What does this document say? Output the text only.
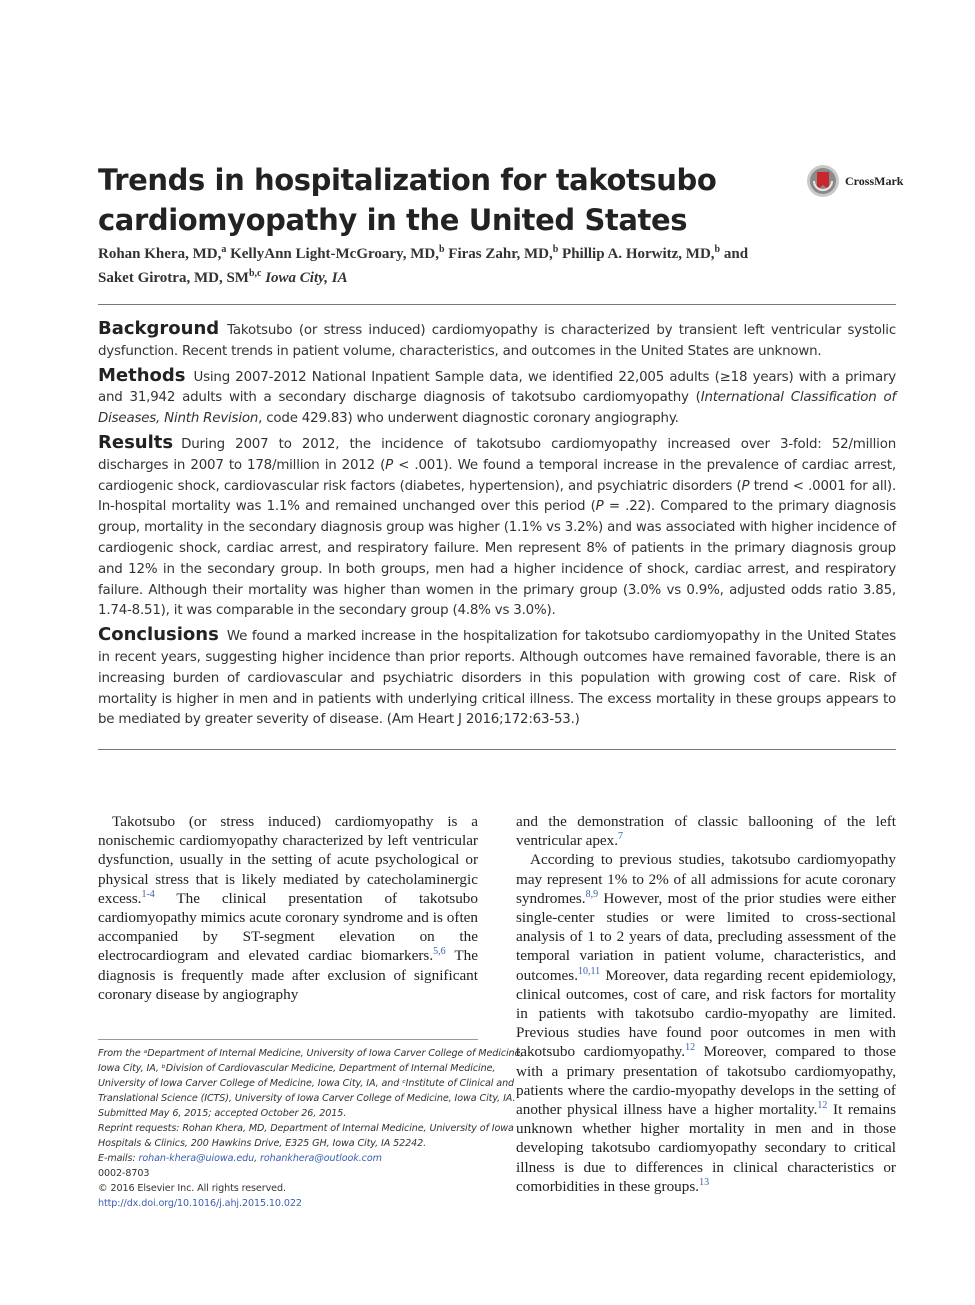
Trends in hospitalization for takotsubo cardiomyopathy in the United States
CrossMark
Rohan Khera, MD,$^a$ KellyAnn Light-McGroary, MD,$^b$ Firas Zahr, MD,$^b$ Phillip A. Horwitz, MD,$^b$ and
Saket Girotra, MD, SM$^{b,c}$ Iowa City, IA

Background Takotsubo (or stress induced) cardiomyopathy is characterized by transient left ventricular systolic dysfunction. Recent trends in patient volume, characteristics, and outcomes in the United States are unknown.

Methods Using 2007-2012 National Inpatient Sample data, we identified 22,005 adults (≥18 years) with a primary and 31,942 adults with a secondary discharge diagnosis of takotsubo cardiomyopathy (International Classification of Diseases, Ninth Revision, code 429.83) who underwent diagnostic coronary angiography.

Results During 2007 to 2012, the incidence of takotsubo cardiomyopathy increased over 3-fold: 52/million discharges in 2007 to 178/million in 2012 (P < .001). We found a temporal increase in the prevalence of cardiac arrest, cardiogenic shock, cardiovascular risk factors (diabetes, hypertension), and psychiatric disorders (P trend < .0001 for all). In-hospital mortality was 1.1% and remained unchanged over this period (P = .22). Compared to the primary diagnosis group, mortality in the secondary diagnosis group was higher (1.1% vs 3.2%) and was associated with higher incidence of cardiogenic shock, cardiac arrest, and respiratory failure. Men represent 8% of patients in the primary diagnosis group and 12% in the secondary group. In both groups, men had a higher incidence of shock, cardiac arrest, and respiratory failure. Although their mortality was higher than women in the primary group (3.0% vs 0.9%, adjusted odds ratio 3.85, 1.74-8.51), it was comparable in the secondary group (4.8% vs 3.0%).

Conclusions We found a marked increase in the hospitalization for takotsubo cardiomyopathy in the United States in recent years, suggesting higher incidence than prior reports. Although outcomes have remained favorable, there is an increasing burden of cardiovascular and psychiatric disorders in this population with growing cost of care. Risk of mortality is higher in men and in patients with underlying critical illness. The excess mortality in these groups appears to be mediated by greater severity of disease. (Am Heart J 2016;172:63-53.)

Takotsubo (or stress induced) cardiomyopathy is a nonischemic cardiomyopathy characterized by left ventricular dysfunction, usually in the setting of acute psychological or physical stress that is likely mediated by catecholaminergic excess.$^{1-4}$ The clinical presentation of takotsubo cardiomyopathy mimics acute coronary syndrome and is often accompanied by ST-segment elevation on the electrocardiogram and elevated cardiac biomarkers.$^{5,6}$ The diagnosis is frequently made after exclusion of significant coronary disease by angiography

and the demonstration of classic ballooning of the left ventricular apex.$^7$

According to previous studies, takotsubo cardiomyopathy may represent 1% to 2% of all admissions for acute coronary syndromes.$^{8,9}$ However, most of the prior studies were either single-center studies or were limited to cross-sectional analysis of 1 to 2 years of data, precluding assessment of the temporal variation in patient volume, characteristics, and outcomes.$^{10,11}$ Moreover, data regarding recent epidemiology, clinical outcomes, cost of care, and risk factors for mortality in patients with takotsubo cardio-myopathy are limited. Previous studies have found poor outcomes in men with takotsubo cardiomyopathy.$^{12}$ Moreover, compared to those with a primary presentation of takotsubo cardiomyopathy, patients where the cardio-myopathy develops in the setting of another physical illness have a higher mortality.$^{12}$ It remains unknown whether higher mortality in men and in those developing takotsubo cardiomyopathy secondary to critical illness is due to differences in clinical characteristics or comorbidities in these groups.$^{13}$

From the ᵃDepartment of Internal Medicine, University of Iowa Carver College of Medicine,
Iowa City, IA, ᵇDivision of Cardiovascular Medicine, Department of Internal Medicine,
University of Iowa Carver College of Medicine, Iowa City, IA, and ᶜInstitute of Clinical and
Translational Science (ICTS), University of Iowa Carver College of Medicine, Iowa City, IA.
Submitted May 6, 2015; accepted October 26, 2015.
Reprint requests: Rohan Khera, MD, Department of Internal Medicine, University of Iowa
Hospitals & Clinics, 200 Hawkins Drive, E325 GH, Iowa City, IA 52242.
E-mails: rohan-khera@uiowa.edu, rohankhera@outlook.com
0002-8703
© 2016 Elsevier Inc. All rights reserved.
http://dx.doi.org/10.1016/j.ahj.2015.10.022
